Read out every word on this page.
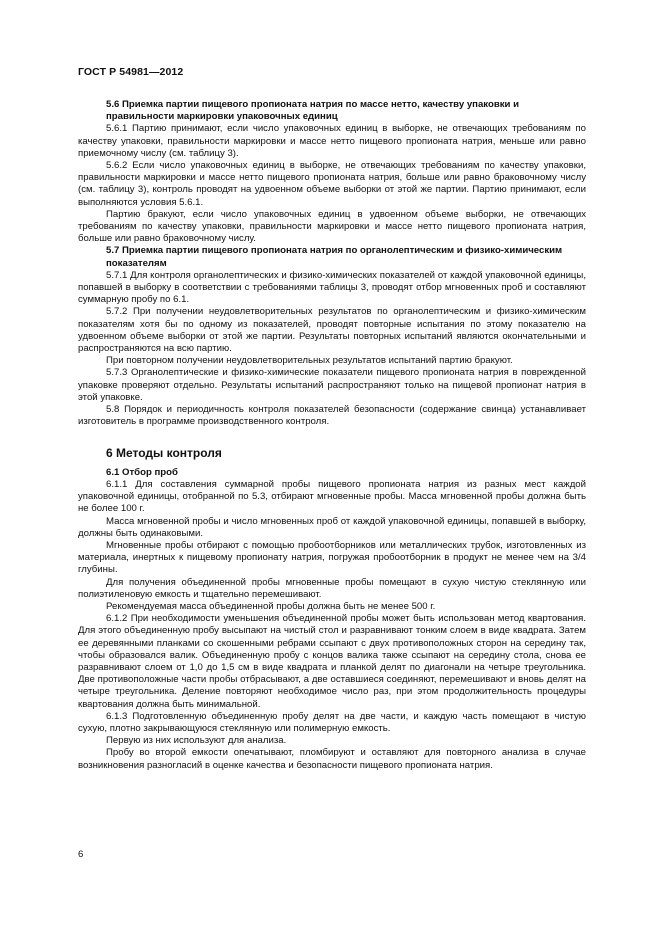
ГОСТ Р 54981—2012

5.6 Приемка партии пищевого пропионата натрия по массе нетто, качеству упаковки и правильности маркировки упаковочных единиц

5.6.1 Партию принимают, если число упаковочных единиц в выборке, не отвечающих требованиям по качеству упаковки, правильности маркировки и массе нетто пищевого пропионата натрия, меньше или равно приемочному числу (см. таблицу 3).

5.6.2 Если число упаковочных единиц в выборке, не отвечающих требованиям по качеству упаковки, правильности маркировки и массе нетто пищевого пропионата натрия, больше или равно браковочному числу (см. таблицу 3), контроль проводят на удвоенном объеме выборки от этой же партии. Партию принимают, если выполняются условия 5.6.1.

Партию бракуют, если число упаковочных единиц в удвоенном объеме выборки, не отвечающих требованиям по качеству упаковки, правильности маркировки и массе нетто пищевого пропионата натрия, больше или равно браковочному числу.

5.7 Приемка партии пищевого пропионата натрия по органолептическим и физико-химическим показателям

5.7.1 Для контроля органолептических и физико-химических показателей от каждой упаковочной единицы, попавшей в выборку в соответствии с требованиями таблицы 3, проводят отбор мгновенных проб и составляют суммарную пробу по 6.1.

5.7.2 При получении неудовлетворительных результатов по органолептическим и физико-химическим показателям хотя бы по одному из показателей, проводят повторные испытания по этому показателю на удвоенном объеме выборки от этой же партии. Результаты повторных испытаний являются окончательными и распространяются на всю партию.

При повторном получении неудовлетворительных результатов испытаний партию бракуют.

5.7.3 Органолептические и физико-химические показатели пищевого пропионата натрия в поврежденной упаковке проверяют отдельно. Результаты испытаний распространяют только на пищевой пропионат натрия в этой упаковке.

5.8 Порядок и периодичность контроля показателей безопасности (содержание свинца) устанавливает изготовитель в программе производственного контроля.

6 Методы контроля

6.1 Отбор проб

6.1.1 Для составления суммарной пробы пищевого пропионата натрия из разных мест каждой упаковочной единицы, отобранной по 5.3, отбирают мгновенные пробы. Масса мгновенной пробы должна быть не более 100 г.

Масса мгновенной пробы и число мгновенных проб от каждой упаковочной единицы, попавшей в выборку, должны быть одинаковыми.

Мгновенные пробы отбирают с помощью пробоотборников или металлических трубок, изготовленных из материала, инертных к пищевому пропионату натрия, погружая пробоотборник в продукт не менее чем на 3/4 глубины.

Для получения объединенной пробы мгновенные пробы помещают в сухую чистую стеклянную или полиэтиленовую емкость и тщательно перемешивают.

Рекомендуемая масса объединенной пробы должна быть не менее 500 г.

6.1.2 При необходимости уменьшения объединенной пробы может быть использован метод квартования. Для этого объединенную пробу высыпают на чистый стол и разравнивают тонким слоем в виде квадрата. Затем ее деревянными планками со скошенными ребрами ссыпают с двух противоположных сторон на середину так, чтобы образовался валик. Объединенную пробу с концов валика также ссыпают на середину стола, снова ее разравнивают слоем от 1,0 до 1,5 см в виде квадрата и планкой делят по диагонали на четыре треугольника. Две противоположные части пробы отбрасывают, а две оставшиеся соединяют, перемешивают и вновь делят на четыре треугольника. Деление повторяют необходимое число раз, при этом продолжительность процедуры квартования должна быть минимальной.

6.1.3 Подготовленную объединенную пробу делят на две части, и каждую часть помещают в чистую сухую, плотно закрывающуюся стеклянную или полимерную емкость.

Первую из них используют для анализа.

Пробу во второй емкости опечатывают, пломбируют и оставляют для повторного анализа в случае возникновения разногласий в оценке качества и безопасности пищевого пропионата натрия.

6
